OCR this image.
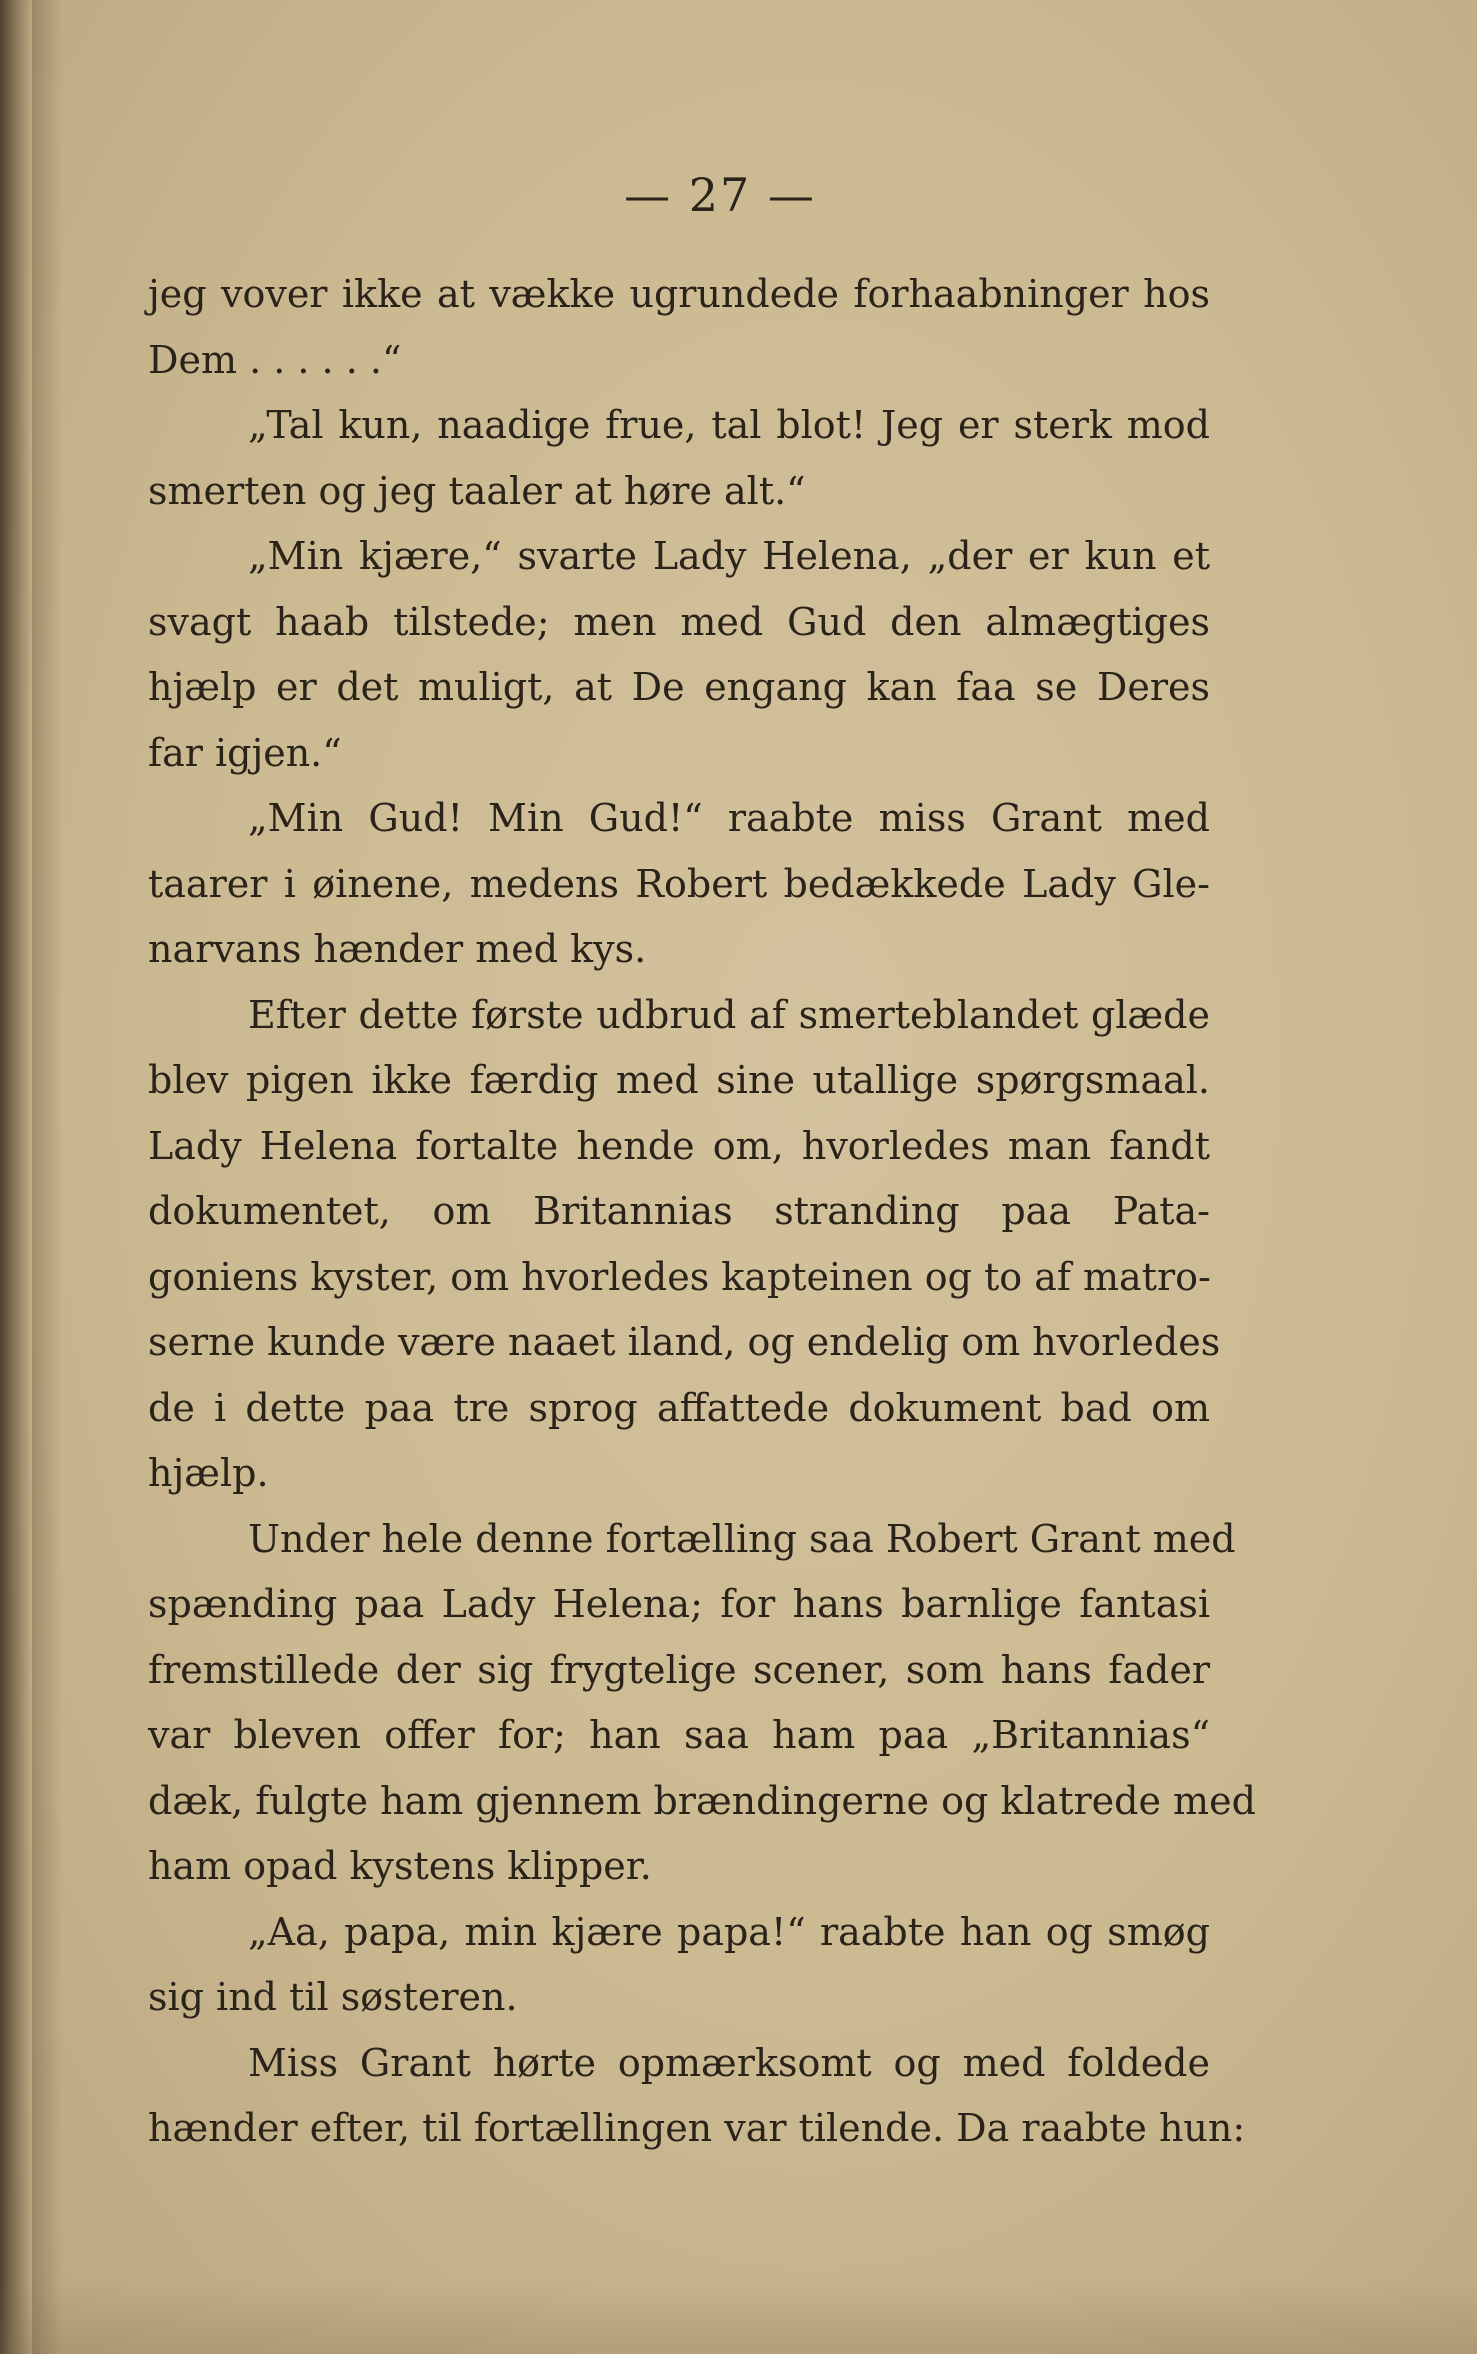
— 27 —
jeg vover ikke at vække ugrundede forhaabninger hos
Dem . . . . . .“
„Tal kun, naadige frue, tal blot! Jeg er sterk mod
smerten og jeg taaler at høre alt.“
„Min kjære,“ svarte Lady Helena, „der er kun et
svagt haab tilstede; men med Gud den almægtiges
hjælp er det muligt, at De engang kan faa se Deres
far igjen.“
„Min Gud! Min Gud!“ raabte miss Grant med
taarer i øinene, medens Robert bedækkede Lady Gle-
narvans hænder med kys.
Efter dette første udbrud af smerteblandet glæde
blev pigen ikke færdig med sine utallige spørgsmaal.
Lady Helena fortalte hende om, hvorledes man fandt
dokumentet, om Britannias stranding paa Pata-
goniens kyster, om hvorledes kapteinen og to af matro-
serne kunde være naaet iland, og endelig om hvorledes
de i dette paa tre sprog affattede dokument bad om
hjælp.
Under hele denne fortælling saa Robert Grant med
spænding paa Lady Helena; for hans barnlige fantasi
fremstillede der sig frygtelige scener, som hans fader
var bleven offer for; han saa ham paa „Britannias“
dæk, fulgte ham gjennem brændingerne og klatrede med
ham opad kystens klipper.
„Aa, papa, min kjære papa!“ raabte han og smøg
sig ind til søsteren.
Miss Grant hørte opmærksomt og med foldede
hænder efter, til fortællingen var tilende. Da raabte hun:
